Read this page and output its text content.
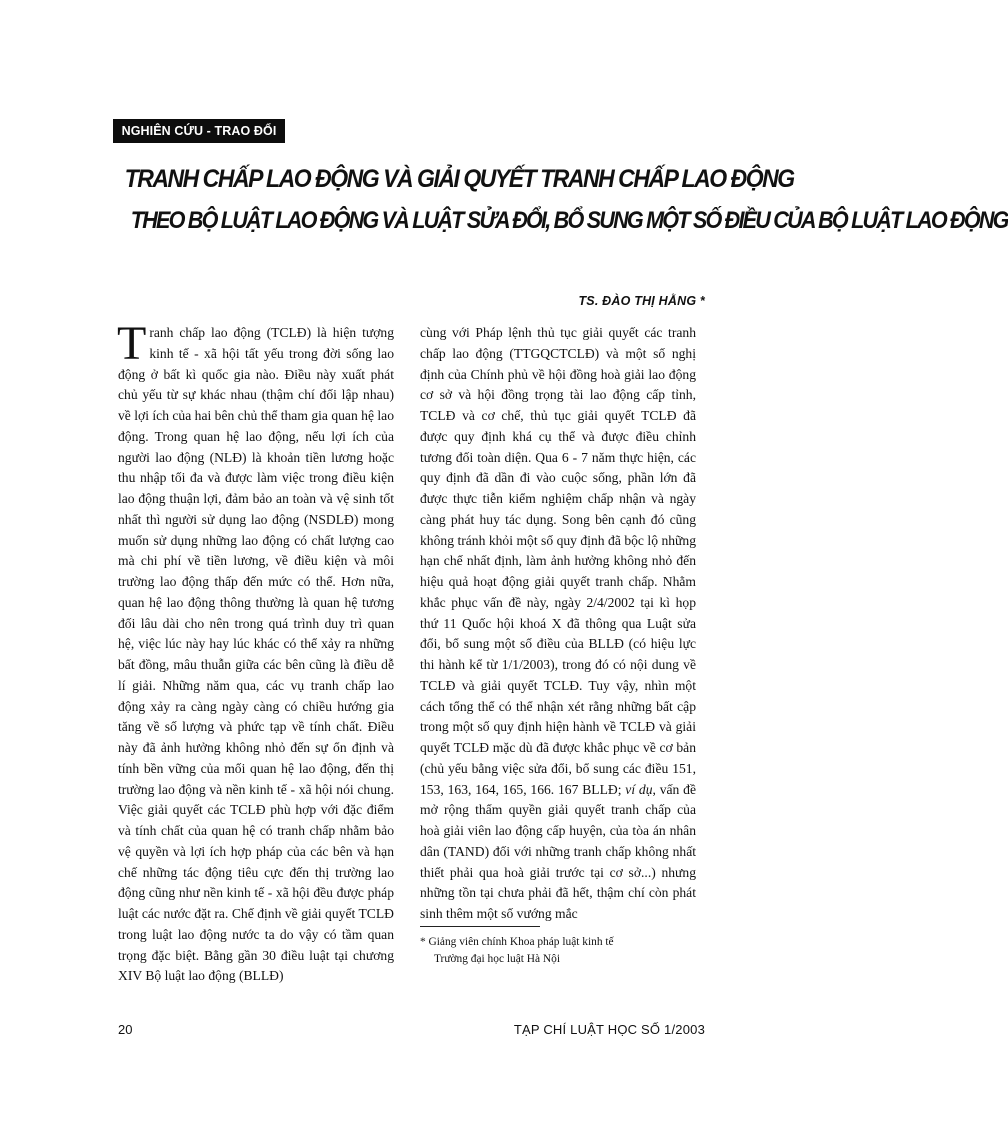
NGHIÊN CỨU - TRAO ĐỔI
TRANH CHẤP LAO ĐỘNG VÀ GIẢI QUYẾT TRANH CHẤP LAO ĐỘNG
THEO BỘ LUẬT LAO ĐỘNG VÀ LUẬT SỬA ĐỔI, BỔ SUNG MỘT SỐ ĐIỀU CỦA BỘ LUẬT LAO ĐỘNG
TS. ĐÀO THỊ HẰNG *

Tranh chấp lao động (TCLĐ) là hiện tượng kinh tế - xã hội tất yếu trong đời sống lao động ở bất kì quốc gia nào. Điều này xuất phát chủ yếu từ sự khác nhau (thậm chí đối lập nhau) về lợi ích của hai bên chủ thể tham gia quan hệ lao động. Trong quan hệ lao động, nếu lợi ích của người lao động (NLĐ) là khoản tiền lương hoặc thu nhập tối đa và được làm việc trong điều kiện lao động thuận lợi, đảm bảo an toàn và vệ sinh tốt nhất thì người sử dụng lao động (NSDLĐ) mong muốn sử dụng những lao động có chất lượng cao mà chi phí về tiền lương, về điều kiện và môi trường lao động thấp đến mức có thể. Hơn nữa, quan hệ lao động thông thường là quan hệ tương đối lâu dài cho nên trong quá trình duy trì quan hệ, việc lúc này hay lúc khác có thể xảy ra những bất đồng, mâu thuẫn giữa các bên cũng là điều dễ lí giải. Những năm qua, các vụ tranh chấp lao động xảy ra càng ngày càng có chiều hướng gia tăng về số lượng và phức tạp về tính chất. Điều này đã ảnh hưởng không nhỏ đến sự ổn định và tính bền vững của mối quan hệ lao động, đến thị trường lao động và nền kinh tế - xã hội nói chung. Việc giải quyết các TCLĐ phù hợp với đặc điểm và tính chất của quan hệ có tranh chấp nhằm bảo vệ quyền và lợi ích hợp pháp của các bên và hạn chế những tác động tiêu cực đến thị trường lao động cũng như nền kinh tế - xã hội đều được pháp luật các nước đặt ra. Chế định về giải quyết TCLĐ trong luật lao động nước ta do vậy có tầm quan trọng đặc biệt. Bằng gần 30 điều luật tại chương XIV Bộ luật lao động (BLLĐ)

cùng với Pháp lệnh thủ tục giải quyết các tranh chấp lao động (TTGQCTCLĐ) và một số nghị định của Chính phủ về hội đồng hoà giải lao động cơ sở và hội đồng trọng tài lao động cấp tỉnh, TCLĐ và cơ chế, thủ tục giải quyết TCLĐ đã được quy định khá cụ thể và được điều chỉnh tương đối toàn diện. Qua 6 - 7 năm thực hiện, các quy định đã dần đi vào cuộc sống, phần lớn đã được thực tiễn kiểm nghiệm chấp nhận và ngày càng phát huy tác dụng. Song bên cạnh đó cũng không tránh khỏi một số quy định đã bộc lộ những hạn chế nhất định, làm ảnh hưởng không nhỏ đến hiệu quả hoạt động giải quyết tranh chấp. Nhằm khắc phục vấn đề này, ngày 2/4/2002 tại kì họp thứ 11 Quốc hội khoá X đã thông qua Luật sửa đổi, bổ sung một số điều của BLLĐ (có hiệu lực thi hành kể từ 1/1/2003), trong đó có nội dung về TCLĐ và giải quyết TCLĐ. Tuy vậy, nhìn một cách tổng thể có thể nhận xét rằng những bất cập trong một số quy định hiện hành về TCLĐ và giải quyết TCLĐ mặc dù đã được khắc phục về cơ bản (chủ yếu bằng việc sửa đổi, bổ sung các điều 151, 153, 163, 164, 165, 166. 167 BLLĐ; ví dụ, vấn đề mở rộng thẩm quyền giải quyết tranh chấp của hoà giải viên lao động cấp huyện, của tòa án nhân dân (TAND) đối với những tranh chấp không nhất thiết phải qua hoà giải trước tại cơ sở...) nhưng những tồn tại chưa phải đã hết, thậm chí còn phát sinh thêm một số vướng mắc

* Giảng viên chính Khoa pháp luật kinh tế
Trường đại học luật Hà Nội
20	TẠP CHÍ LUẬT HỌC SỐ 1/2003
